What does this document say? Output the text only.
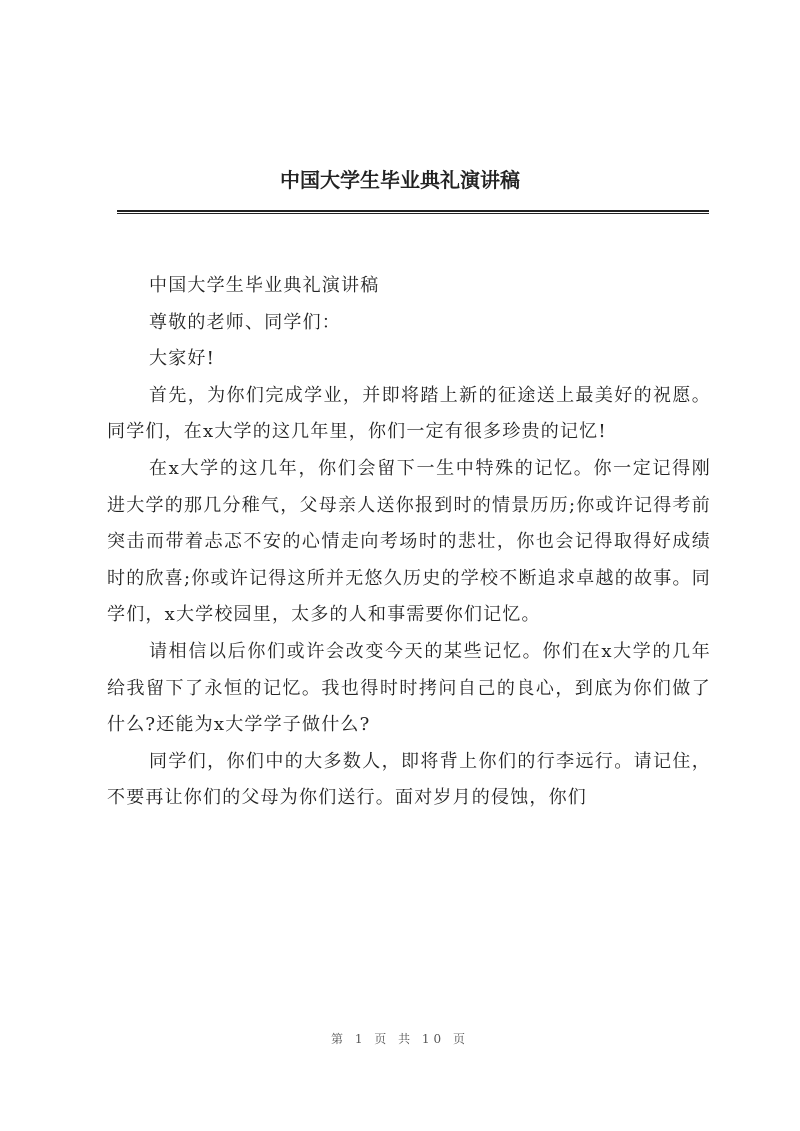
中国大学生毕业典礼演讲稿

中国大学生毕业典礼演讲稿

尊敬的老师、同学们：

大家好!

首先，为你们完成学业，并即将踏上新的征途送上最美好的祝愿。同学们，在x大学的这几年里，你们一定有很多珍贵的记忆!

在x大学的这几年，你们会留下一生中特殊的记忆。你一定记得刚进大学的那几分稚气，父母亲人送你报到时的情景历历;你或许记得考前突击而带着忐忑不安的心情走向考场时的悲壮，你也会记得取得好成绩时的欣喜;你或许记得这所并无悠久历史的学校不断追求卓越的故事。同学们，x大学校园里，太多的人和事需要你们记忆。

请相信以后你们或许会改变今天的某些记忆。你们在x大学的几年给我留下了永恒的记忆。我也得时时拷问自己的良心，到底为你们做了什么?还能为x大学学子做什么?

同学们，你们中的大多数人，即将背上你们的行李远行。请记住，不要再让你们的父母为你们送行。面对岁月的侵蚀，你们

第 1 页 共 10 页
